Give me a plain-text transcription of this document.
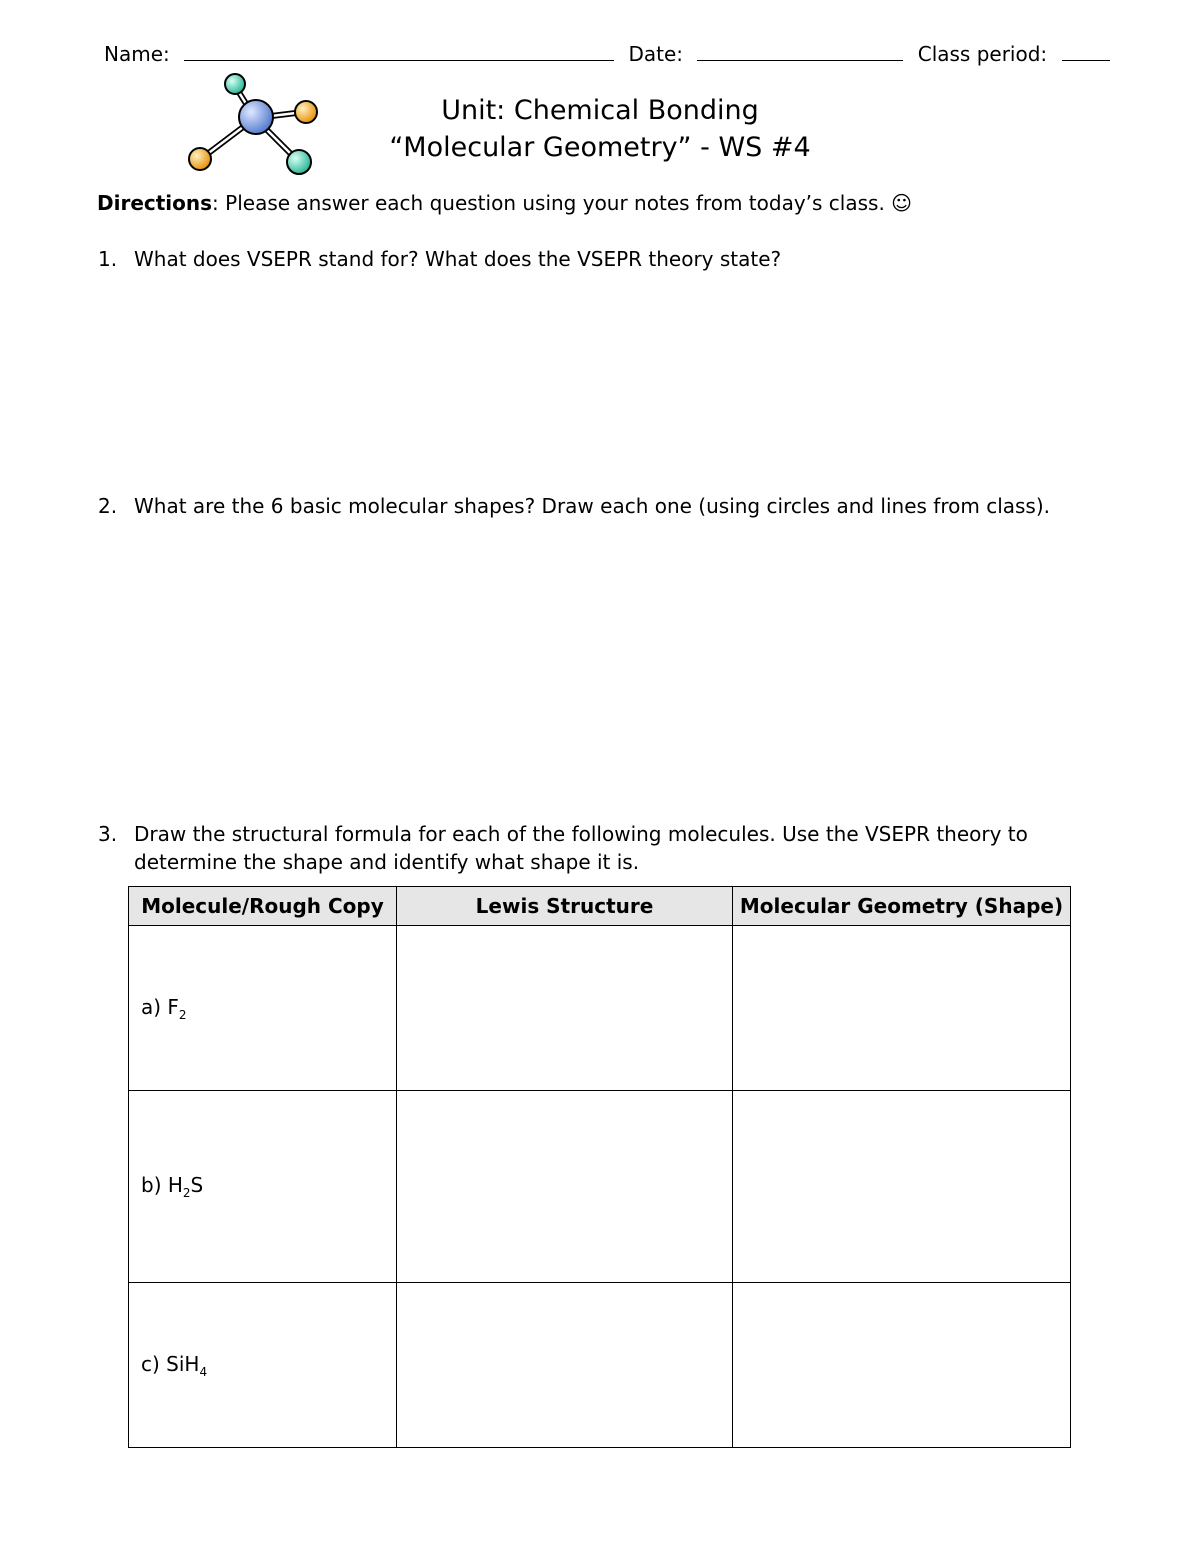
Name:	Date:	Class period:
Unit: Chemical Bonding
“Molecular Geometry” - WS #4
Directions: Please answer each question using your notes from today’s class. ☺
1. What does VSEPR stand for? What does the VSEPR theory state?
2. What are the 6 basic molecular shapes? Draw each one (using circles and lines from class).
3. Draw the structural formula for each of the following molecules. Use the VSEPR theory to determine the shape and identify what shape it is.
Molecule/Rough Copy	Lewis Structure	Molecular Geometry (Shape)
a) $F_2$		
b) $H_2S$		
c) SiH$_4$		
